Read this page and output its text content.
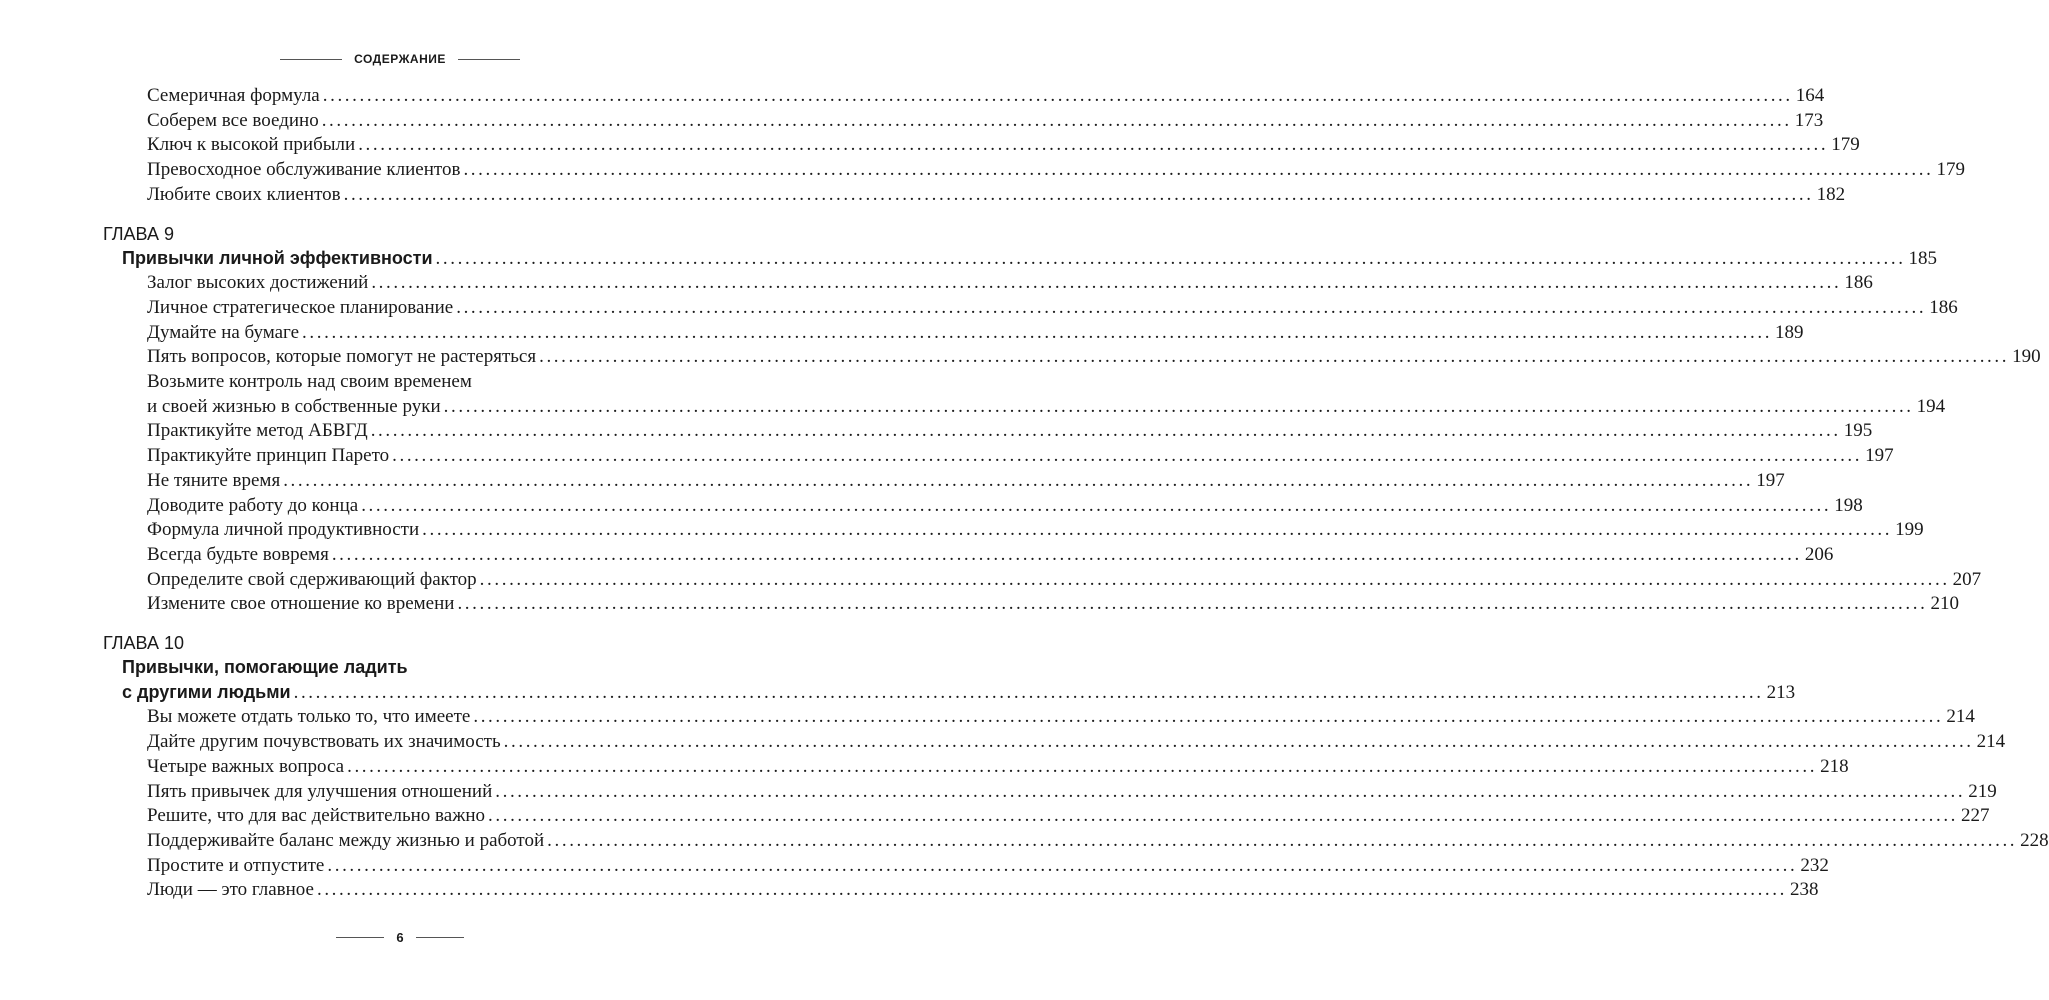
СОДЕРЖАНИЕ
Семеричная формула ........................................................................................................................................................................................................ 164
Соберем все воедино ........................................................................................................................................................................................................ 173
Ключ к высокой прибыли ........................................................................................................................................................................................................ 179
Превосходное обслуживание клиентов ........................................................................................................................................................................................................ 179
Любите своих клиентов ........................................................................................................................................................................................................ 182
ГЛАВА 9
Привычки личной эффективности ........................................................................................................................................................................................................ 185
Залог высоких достижений ........................................................................................................................................................................................................ 186
Личное стратегическое планирование ........................................................................................................................................................................................................ 186
Думайте на бумаге ........................................................................................................................................................................................................ 189
Пять вопросов, которые помогут не растеряться ........................................................................................................................................................................................................ 190
Возьмите контроль над своим временем
и своей жизнью в собственные руки ........................................................................................................................................................................................................ 194
Практикуйте метод АБВГД ........................................................................................................................................................................................................ 195
Практикуйте принцип Парето ........................................................................................................................................................................................................ 197
Не тяните время ........................................................................................................................................................................................................ 197
Доводите работу до конца ........................................................................................................................................................................................................ 198
Формула личной продуктивности ........................................................................................................................................................................................................ 199
Всегда будьте вовремя ........................................................................................................................................................................................................ 206
Определите свой сдерживающий фактор ........................................................................................................................................................................................................ 207
Измените свое отношение ко времени ........................................................................................................................................................................................................ 210
ГЛАВА 10
Привычки, помогающие ладить
с другими людьми ........................................................................................................................................................................................................ 213
Вы можете отдать только то, что имеете ........................................................................................................................................................................................................ 214
Дайте другим почувствовать их значимость ........................................................................................................................................................................................................ 214
Четыре важных вопроса ........................................................................................................................................................................................................ 218
Пять привычек для улучшения отношений ........................................................................................................................................................................................................ 219
Решите, что для вас действительно важно ........................................................................................................................................................................................................ 227
Поддерживайте баланс между жизнью и работой ........................................................................................................................................................................................................ 228
Простите и отпустите ........................................................................................................................................................................................................ 232
Люди — это главное ........................................................................................................................................................................................................ 238
6
